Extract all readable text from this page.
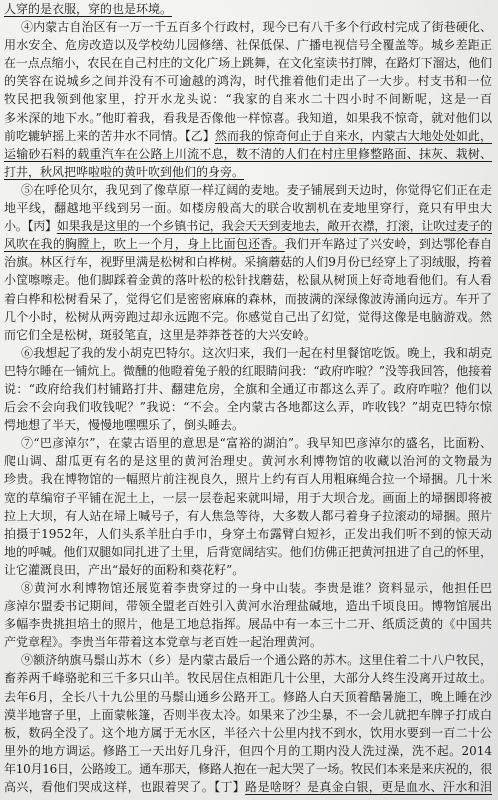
人穿的是衣服，穿的也是环境。
④内蒙古自治区有一万一千五百多个行政村，现今已有八千多个行政村完成了街巷硬化、
用水安全、危房改造以及学校幼儿园修缮、社保低保、广播电视信号全覆盖等。城乡差距正
在一点点缩小，农民在自己村庄的文化广场上跳舞，在文化室读书打牌，在路灯下溜达，他们
的笑容在说城乡之间并没有不可逾越的鸿沟，时代推着他们走出了一大步。村支书和一位
牧民把我领到他家里，拧开水龙头说：“我家的自来水二十四小时不间断呢，这是一百
多米深的地下水。”他盯着我，看我是否像他一样惊喜。我知道，如果我不惊奇，就对他们以
前吃辘轳摇上来的苦井水不同情。【乙】然而我的惊奇何止于自来水，内蒙古大地处处如此，
运输砂石料的载重汽车在公路上川流不息，数不清的人们在村庄里修整路面、抹灰、栽树、
打井，秋风把哗啦啦的黄叶吹到他们的身旁。
⑤在呼伦贝尔，我见到了像草原一样辽阔的麦地。麦子铺展到天边时，你觉得它们正在走
地平线，翻越地平线到另一面。如楼房般高大的联合收割机在麦地里穿行，竟只有甲虫大
小。【丙】如果我是这里的一个乡镇书记，我会天天到麦地去，敞开衣襟，打滚，让吹过麦子的
风吹在我的胸膛上，吹上一个月，身上比面包还香。我们开车路过了兴安岭，到达鄂伦春自
治旗。林区行车，视野里满是松树和白桦树。采摘蘑菇的人们9月份已经穿上了羽绒服，挎着
小筐嚓嚓走。他们脚踩着金黄的落叶松的松针找蘑菇，松鼠从树顶上好奇地看他们。有人看
着白桦和松树看呆了，觉得它们是密密麻麻的森林，而披满的深绿像波涛涌向远方。车开了
几个小时，松树从两旁跑过却永远跑不完。你感觉自己出了幻觉，觉得这像是电脑游戏。然
而它们全是松树，斑驳笔直，这里是莽莽苍苍的大兴安岭。
⑥我想起了我的发小胡克巴特尔。这次归来，我们一起在村里餐馆吃饭。晚上，我和胡克
巴特尔睡在一铺炕上。微醺的他瞪着兔子般的红眼睛问我：“政府咋啦？”没等我回答，他接着
说：“政府给我们村铺路打井、翻建危房，全旗和全通辽市都这么弄了。政府咋啦？他们以
后会不会向我们收钱呢？”我说：“不会。全内蒙古各地都这么弄，咋收钱？”胡克巴特尔惊
愕地想了半天，慢慢地嘿嘿乐了，倒头睡去。
⑦“巴彦淖尔”，在蒙古语里的意思是“富裕的湖泊”。我早知巴彦淖尔的盛名，比面粉、
爬山调、甜瓜更有名的是这里的黄河治理史。黄河水利博物馆的收藏以治河的文物最为
珍贵。我在博物馆的一幅照片前注视良久，照片上约有百人用粗麻绳合拉一个埽捆。几十米
宽的草编帘子平铺在泥土上，一层一层卷起来就叫埽，用于大坝合龙。画面上的埽捆即将被
拉上大坝，有人站在埽上喊号子，有人焦急等待，大多数人都弓着身子拉滚动的埽捆。照片
拍摄于1952年，人们头系羊肚白手巾，身穿土布露臂白短衫，正发出我们听不到的惊天动
地的呼喊。他们双腿如同扎进了土里，后背宽阔结实。他们仿佛正把黄河扭进了自己的怀里，
让它灌溉良田，产出“最好的面粉和葵花籽”。
⑧黄河水利博物馆还展览着李贵穿过的一身中山装。李贵是谁？资料显示，他担任巴
彦淖尔盟委书记期间，带领全盟老百姓引入黄河水治理盐碱地，造出千顷良田。博物馆展出
多幅李贵挑担培土的照片，他是工地总指挥。展品中有一本三十二开、纸质泛黄的《中国共
产党章程》。李贵当年带着这本党章与老百姓一起治理黄河。
⑨额济纳旗马鬃山苏木（乡）是内蒙古最后一个通公路的苏木。这里住着二十八户牧民，
畜养两千峰骆驼和三千多只山羊。牧民居住点相距几十公里，大部分人终生没离开过故土。
去年6月，全长八十九公里的马鬃山通乡公路开工。修路人白天顶着酷暑施工，晚上睡在沙
漠半地窨子里，上面蒙帐篷，否则半夜太冷。如果来了沙尘暴，不一会儿就把车牌子打成白
板，数码全没了。这个地方属于无水区，半径六十公里内找不到水，饮用水要到一百二十公
里外的地方调运。修路工一天出好几身汗，但四个月的工期内没人洗过澡，洗不起。2014
年10月16日，公路竣工。通车那天，修路人抱在一起大哭了一场。牧民们本来是来庆祝的，很
高兴，看他们哭成这样，也跟着哭了。【丁】路是啥呀？是真金白银，更是血水、汗水和泪
